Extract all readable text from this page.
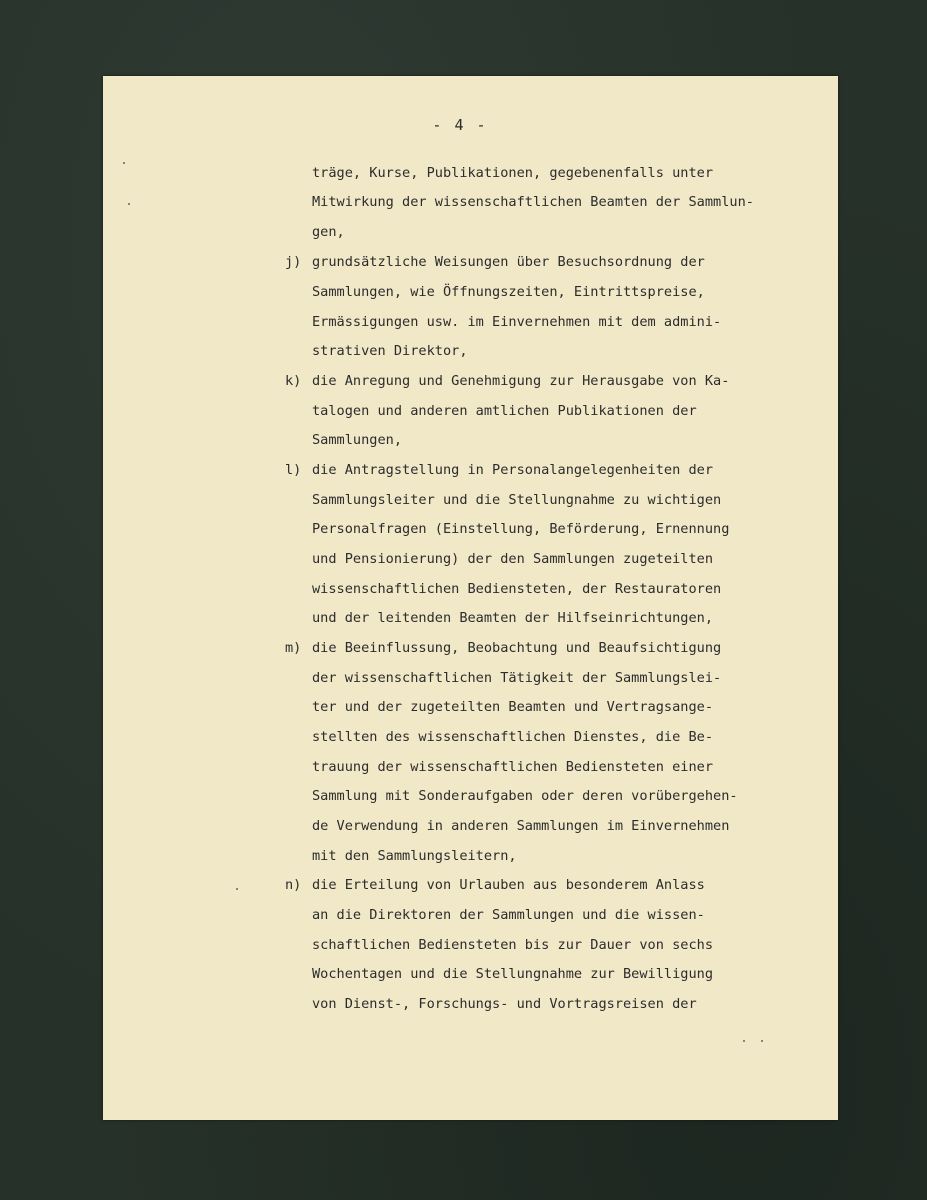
- 4 -
träge, Kurse, Publikationen, gegebenenfalls unter
Mitwirkung der wissenschaftlichen Beamten der Sammlun-
gen,
j) grundsätzliche Weisungen über Besuchsordnung der
Sammlungen, wie Öffnungszeiten, Eintrittspreise,
Ermässigungen usw. im Einvernehmen mit dem admini-
strativen Direktor,
k) die Anregung und Genehmigung zur Herausgabe von Ka-
talogen und anderen amtlichen Publikationen der
Sammlungen,
l) die Antragstellung in Personalangelegenheiten der
Sammlungsleiter und die Stellungnahme zu wichtigen
Personalfragen (Einstellung, Beförderung, Ernennung
und Pensionierung) der den Sammlungen zugeteilten
wissenschaftlichen Bediensteten, der Restauratoren
und der leitenden Beamten der Hilfseinrichtungen,
m) die Beeinflussung, Beobachtung und Beaufsichtigung
der wissenschaftlichen Tätigkeit der Sammlungslei-
ter und der zugeteilten Beamten und Vertragsange-
stellten des wissenschaftlichen Dienstes, die Be-
trauung der wissenschaftlichen Bediensteten einer
Sammlung mit Sonderaufgaben oder deren vorübergehen-
de Verwendung in anderen Sammlungen im Einvernehmen
mit den Sammlungsleitern,
n) die Erteilung von Urlauben aus besonderem Anlass
an die Direktoren der Sammlungen und die wissen-
schaftlichen Bediensteten bis zur Dauer von sechs
Wochentagen und die Stellungnahme zur Bewilligung
von Dienst-, Forschungs- und Vortragsreisen der
